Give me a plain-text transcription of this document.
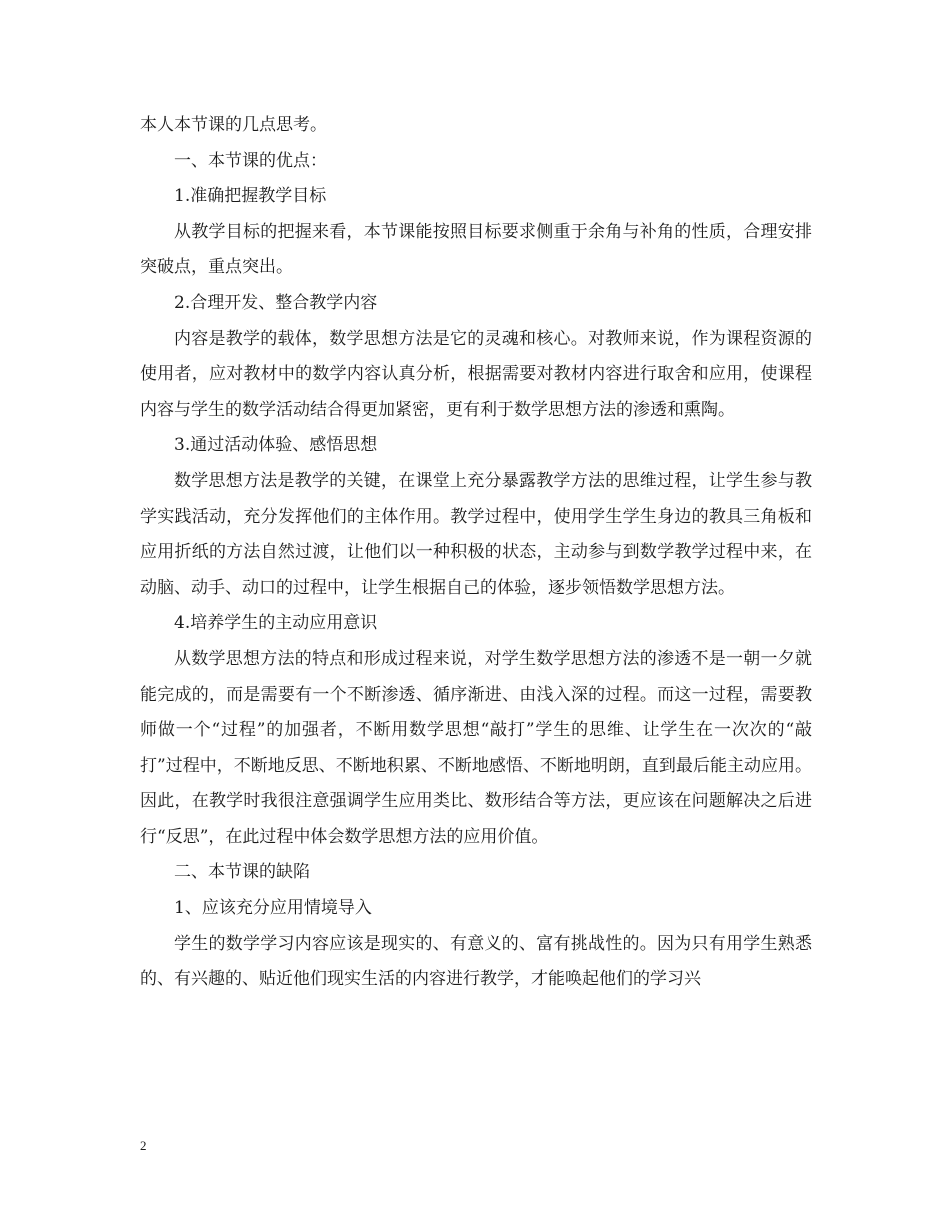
本人本节课的几点思考。

一、本节课的优点：

1.准确把握教学目标

从教学目标的把握来看，本节课能按照目标要求侧重于余角与补角的性质，合理安排突破点，重点突出。

2.合理开发、整合教学内容

内容是教学的载体，数学思想方法是它的灵魂和核心。对教师来说，作为课程资源的使用者，应对教材中的数学内容认真分析，根据需要对教材内容进行取舍和应用，使课程内容与学生的数学活动结合得更加紧密，更有利于数学思想方法的渗透和熏陶。

3.通过活动体验、感悟思想

数学思想方法是教学的关键，在课堂上充分暴露教学方法的思维过程，让学生参与教学实践活动，充分发挥他们的主体作用。教学过程中，使用学生学生身边的教具三角板和应用折纸的方法自然过渡，让他们以一种积极的状态，主动参与到数学教学过程中来，在动脑、动手、动口的过程中，让学生根据自己的体验，逐步领悟数学思想方法。

4.培养学生的主动应用意识

从数学思想方法的特点和形成过程来说，对学生数学思想方法的渗透不是一朝一夕就能完成的，而是需要有一个不断渗透、循序渐进、由浅入深的过程。而这一过程，需要教师做一个“过程”的加强者，不断用数学思想“敲打”学生的思维、让学生在一次次的“敲打”过程中，不断地反思、不断地积累、不断地感悟、不断地明朗，直到最后能主动应用。因此，在教学时我很注意强调学生应用类比、数形结合等方法，更应该在问题解决之后进行“反思”，在此过程中体会数学思想方法的应用价值。

二、本节课的缺陷

1、应该充分应用情境导入

学生的数学学习内容应该是现实的、有意义的、富有挑战性的。因为只有用学生熟悉的、有兴趣的、贴近他们现实生活的内容进行教学，才能唤起他们的学习兴

2
